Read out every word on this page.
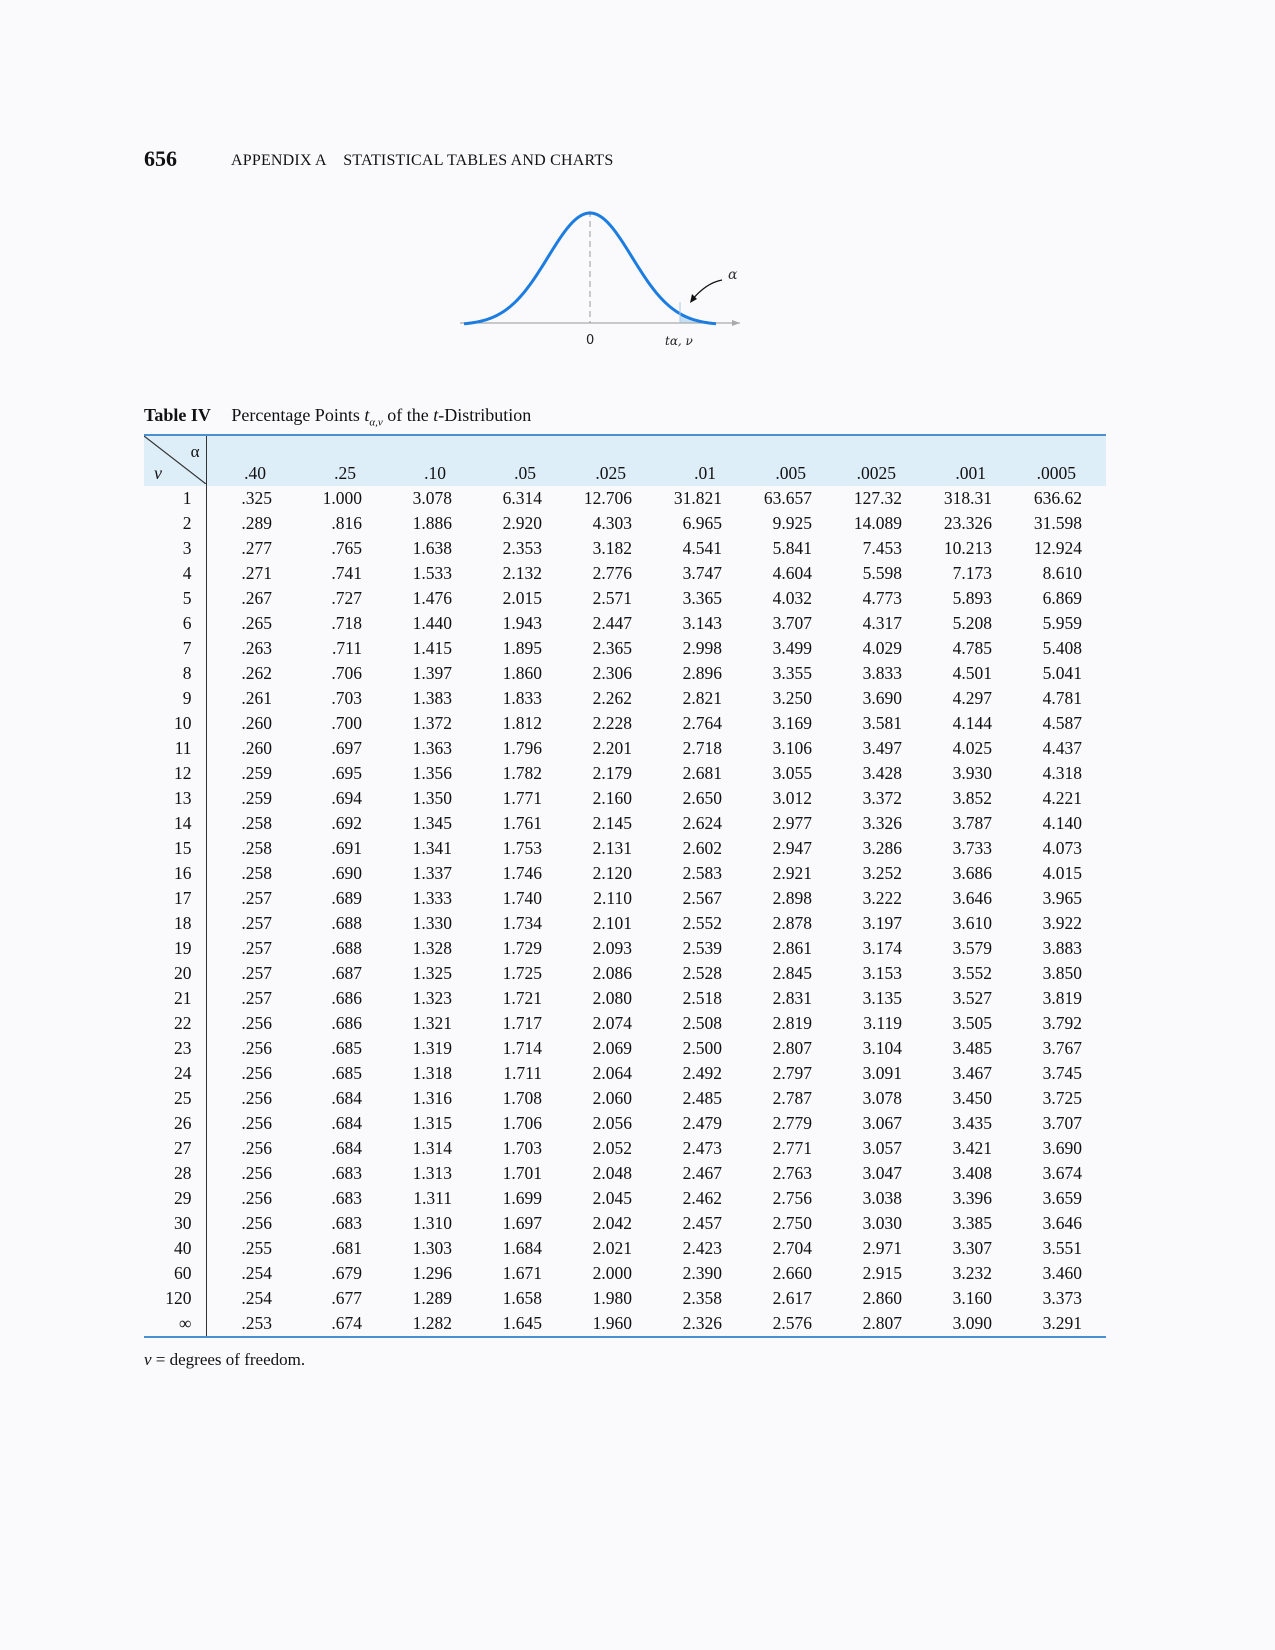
656	APPENDIX A  STATISTICAL TABLES AND CHARTS
α
0	tα, ν
Table IV Percentage Points $t_{\alpha,\nu}$ of the t-Distribution
α
ν	.40	.25	.10	.05	.025	.01	.005	.0025	.001	.0005
1	.325	1.000	3.078	6.314	12.706	31.821	63.657	127.32	318.31	636.62
2	.289	.816	1.886	2.920	4.303	6.965	9.925	14.089	23.326	31.598
3	.277	.765	1.638	2.353	3.182	4.541	5.841	7.453	10.213	12.924
4	.271	.741	1.533	2.132	2.776	3.747	4.604	5.598	7.173	8.610
5	.267	.727	1.476	2.015	2.571	3.365	4.032	4.773	5.893	6.869
6	.265	.718	1.440	1.943	2.447	3.143	3.707	4.317	5.208	5.959
7	.263	.711	1.415	1.895	2.365	2.998	3.499	4.029	4.785	5.408
8	.262	.706	1.397	1.860	2.306	2.896	3.355	3.833	4.501	5.041
9	.261	.703	1.383	1.833	2.262	2.821	3.250	3.690	4.297	4.781
10	.260	.700	1.372	1.812	2.228	2.764	3.169	3.581	4.144	4.587
11	.260	.697	1.363	1.796	2.201	2.718	3.106	3.497	4.025	4.437
12	.259	.695	1.356	1.782	2.179	2.681	3.055	3.428	3.930	4.318
13	.259	.694	1.350	1.771	2.160	2.650	3.012	3.372	3.852	4.221
14	.258	.692	1.345	1.761	2.145	2.624	2.977	3.326	3.787	4.140
15	.258	.691	1.341	1.753	2.131	2.602	2.947	3.286	3.733	4.073
16	.258	.690	1.337	1.746	2.120	2.583	2.921	3.252	3.686	4.015
17	.257	.689	1.333	1.740	2.110	2.567	2.898	3.222	3.646	3.965
18	.257	.688	1.330	1.734	2.101	2.552	2.878	3.197	3.610	3.922
19	.257	.688	1.328	1.729	2.093	2.539	2.861	3.174	3.579	3.883
20	.257	.687	1.325	1.725	2.086	2.528	2.845	3.153	3.552	3.850
21	.257	.686	1.323	1.721	2.080	2.518	2.831	3.135	3.527	3.819
22	.256	.686	1.321	1.717	2.074	2.508	2.819	3.119	3.505	3.792
23	.256	.685	1.319	1.714	2.069	2.500	2.807	3.104	3.485	3.767
24	.256	.685	1.318	1.711	2.064	2.492	2.797	3.091	3.467	3.745
25	.256	.684	1.316	1.708	2.060	2.485	2.787	3.078	3.450	3.725
26	.256	.684	1.315	1.706	2.056	2.479	2.779	3.067	3.435	3.707
27	.256	.684	1.314	1.703	2.052	2.473	2.771	3.057	3.421	3.690
28	.256	.683	1.313	1.701	2.048	2.467	2.763	3.047	3.408	3.674
29	.256	.683	1.311	1.699	2.045	2.462	2.756	3.038	3.396	3.659
30	.256	.683	1.310	1.697	2.042	2.457	2.750	3.030	3.385	3.646
40	.255	.681	1.303	1.684	2.021	2.423	2.704	2.971	3.307	3.551
60	.254	.679	1.296	1.671	2.000	2.390	2.660	2.915	3.232	3.460
120	.254	.677	1.289	1.658	1.980	2.358	2.617	2.860	3.160	3.373
∞	.253	.674	1.282	1.645	1.960	2.326	2.576	2.807	3.090	3.291
ν = degrees of freedom.
